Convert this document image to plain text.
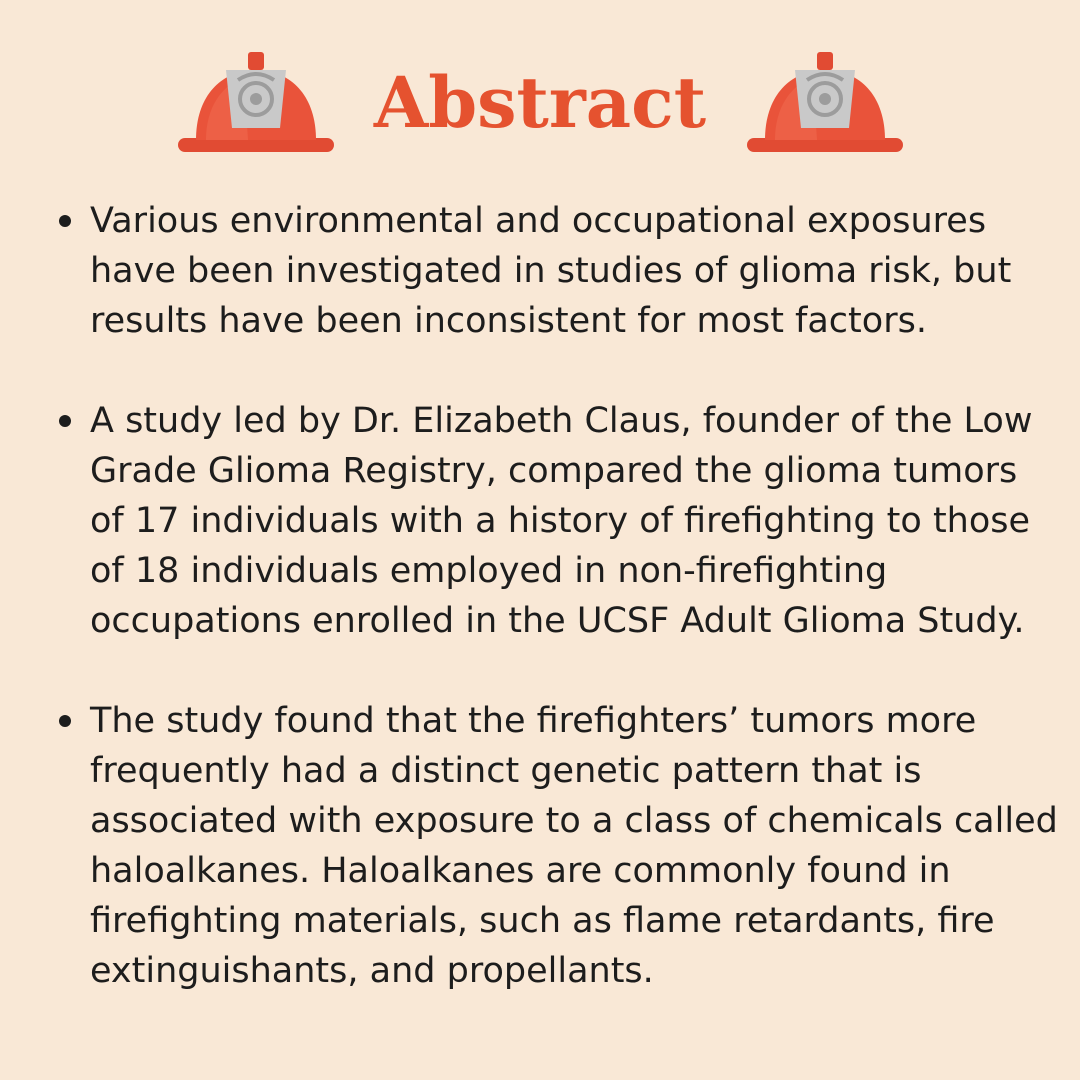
Abstract
Various environmental and occupational exposures have been investigated in studies of glioma risk, but results have been inconsistent for most factors.
A study led by Dr. Elizabeth Claus, founder of the Low Grade Glioma Registry, compared the glioma tumors of 17 individuals with a history of firefighting to those of 18 individuals employed in non-firefighting occupations enrolled in the UCSF Adult Glioma Study.
The study found that the firefighters’ tumors more frequently had a distinct genetic pattern that is associated with exposure to a class of chemicals called haloalkanes. Haloalkanes are commonly found in firefighting materials, such as flame retardants, fire extinguishants, and propellants.
